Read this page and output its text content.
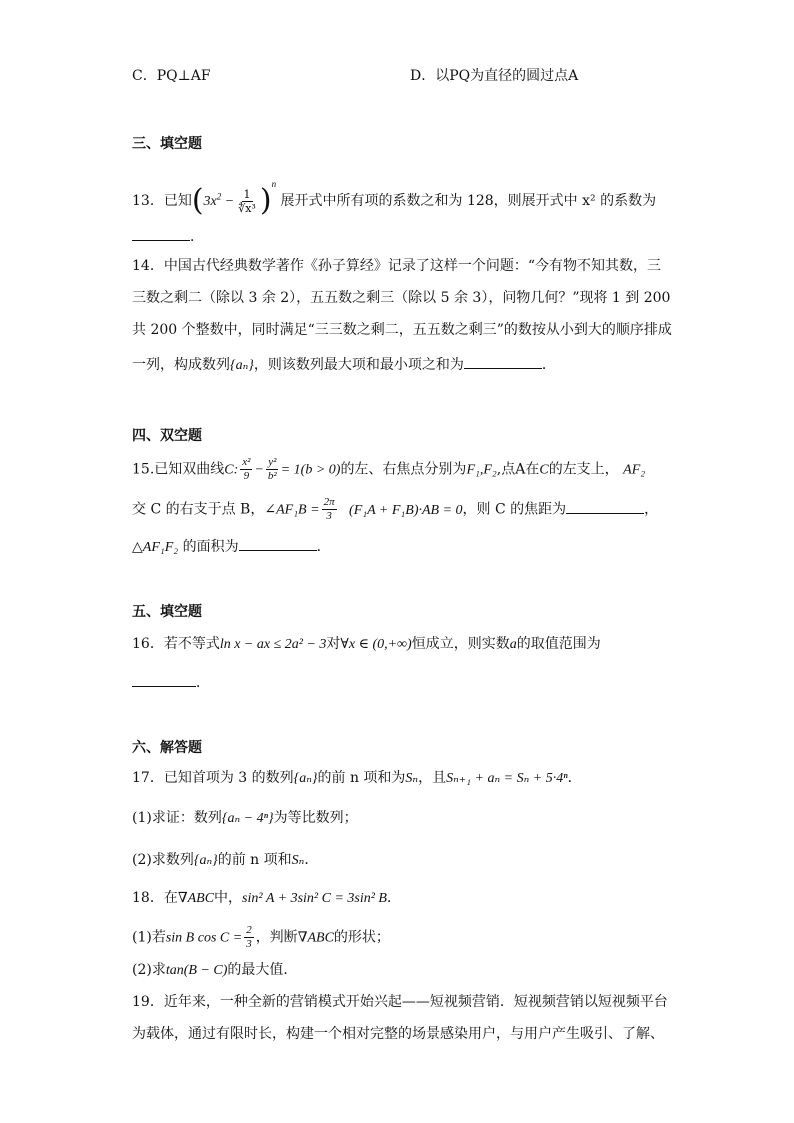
C．PQ⊥AF	D．以PQ为直径的圆过点A
三、填空题
13．已知$(3x^2 - \frac{1}{\text{∜x³}} )^n$ 展开式中所有项的系数之和为 128，则展开式中 x² 的系数为
．
14．中国古代经典数学著作《孙子算经》记录了这样一个问题：“今有物不知其数，三
三数之剩二（除以 3 余 2），五五数之剩三（除以 5 余 3），问物几何？”现将 1 到 200
共 200 个整数中，同时满足“三三数之剩二，五五数之剩三”的数按从小到大的顺序排成
一列，构成数列{aₙ}，则该数列最大项和最小项之和为	．
四、双空题
15.已知双曲线C: $\frac{\text{x²}}{9} - \frac{\text{y²}}{\text{b²}} = 1(b > 0)$的左、右焦点分别为F₁,F₂,点A在C的左支上， AF₂
交 C 的右支于点 B，∠AF₁B = $\frac{2\pi}{3} (F_1A + F_1B)\cdot AB = 0$，则 C 的焦距为	，
△AF₁F₂ 的面积为	．
五、填空题
16．若不等式ln x − ax ≤ 2a² − 3对∀x ∈ (0,+∞)恒成立，则实数a的取值范围为
．
六、解答题
17．已知首项为 3 的数列{aₙ}的前 n 项和为Sₙ，且Sₙ₊₁ + aₙ = Sₙ + 5·4ⁿ．
(1)求证：数列{aₙ − 4ⁿ}为等比数列；
(2)求数列{aₙ}的前 n 项和Sₙ．
18．在∇ABC中，sin² A + 3sin² C = 3sin² B．
(1)若sin B $\cos C = \frac{2}{3}$ ，判断∇ABC的形状；
(2)求tan(B − C)的最大值．
19．近年来，一种全新的营销模式开始兴起——短视频营销．短视频营销以短视频平台
为载体，通过有限时长，构建一个相对完整的场景感染用户，与用户产生吸引、了解、
